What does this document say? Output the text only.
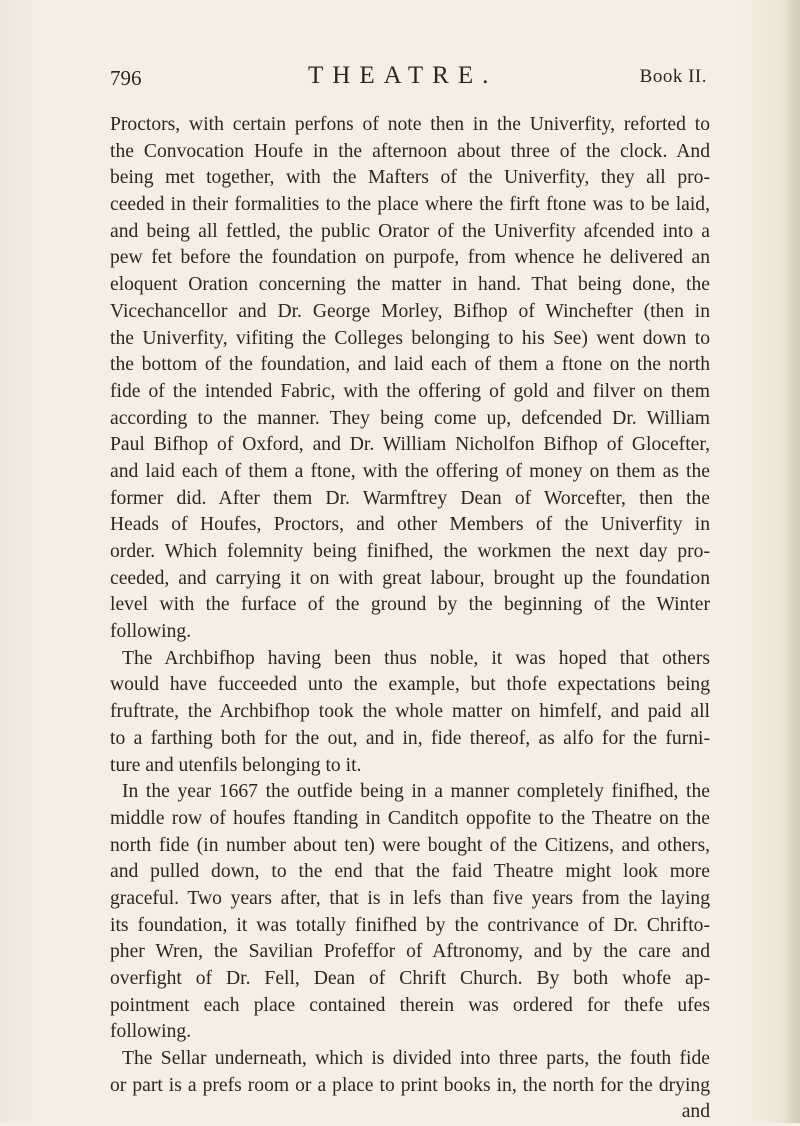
796	THEATRE.	Book II.
Proctors, with certain perfons of note then in the Univerfity, reforted to
the Convocation Houfe in the afternoon about three of the clock. And
being met together, with the Mafters of the Univerfity, they all pro-
ceeded in their formalities to the place where the firft ftone was to be laid,
and being all fettled, the public Orator of the Univerfity afcended into a
pew fet before the foundation on purpofe, from whence he delivered an
eloquent Oration concerning the matter in hand. That being done, the
Vicechancellor and Dr. George Morley, Bifhop of Winchefter (then in
the Univerfity, vifiting the Colleges belonging to his See) went down to
the bottom of the foundation, and laid each of them a ftone on the north
fide of the intended Fabric, with the offering of gold and filver on them
according to the manner. They being come up, defcended Dr. William
Paul Bifhop of Oxford, and Dr. William Nicholfon Bifhop of Glocefter,
and laid each of them a ftone, with the offering of money on them as the
former did. After them Dr. Warmftrey Dean of Worcefter, then the
Heads of Houfes, Proctors, and other Members of the Univerfity in
order. Which folemnity being finifhed, the workmen the next day pro-
ceeded, and carrying it on with great labour, brought up the foundation
level with the furface of the ground by the beginning of the Winter
following.
The Archbifhop having been thus noble, it was hoped that others
would have fucceeded unto the example, but thofe expectations being
fruftrate, the Archbifhop took the whole matter on himfelf, and paid all
to a farthing both for the out, and in, fide thereof, as alfo for the furni-
ture and utenfils belonging to it.
In the year 1667 the outfide being in a manner completely finifhed, the
middle row of houfes ftanding in Canditch oppofite to the Theatre on the
north fide (in number about ten) were bought of the Citizens, and others,
and pulled down, to the end that the faid Theatre might look more
graceful. Two years after, that is in lefs than five years from the laying
its foundation, it was totally finifhed by the contrivance of Dr. Chrifto-
pher Wren, the Savilian Profeffor of Aftronomy, and by the care and
overfight of Dr. Fell, Dean of Chrift Church. By both whofe ap-
pointment each place contained therein was ordered for thefe ufes
following.
The Sellar underneath, which is divided into three parts, the fouth fide
or part is a prefs room or a place to print books in, the north for the drying
and
